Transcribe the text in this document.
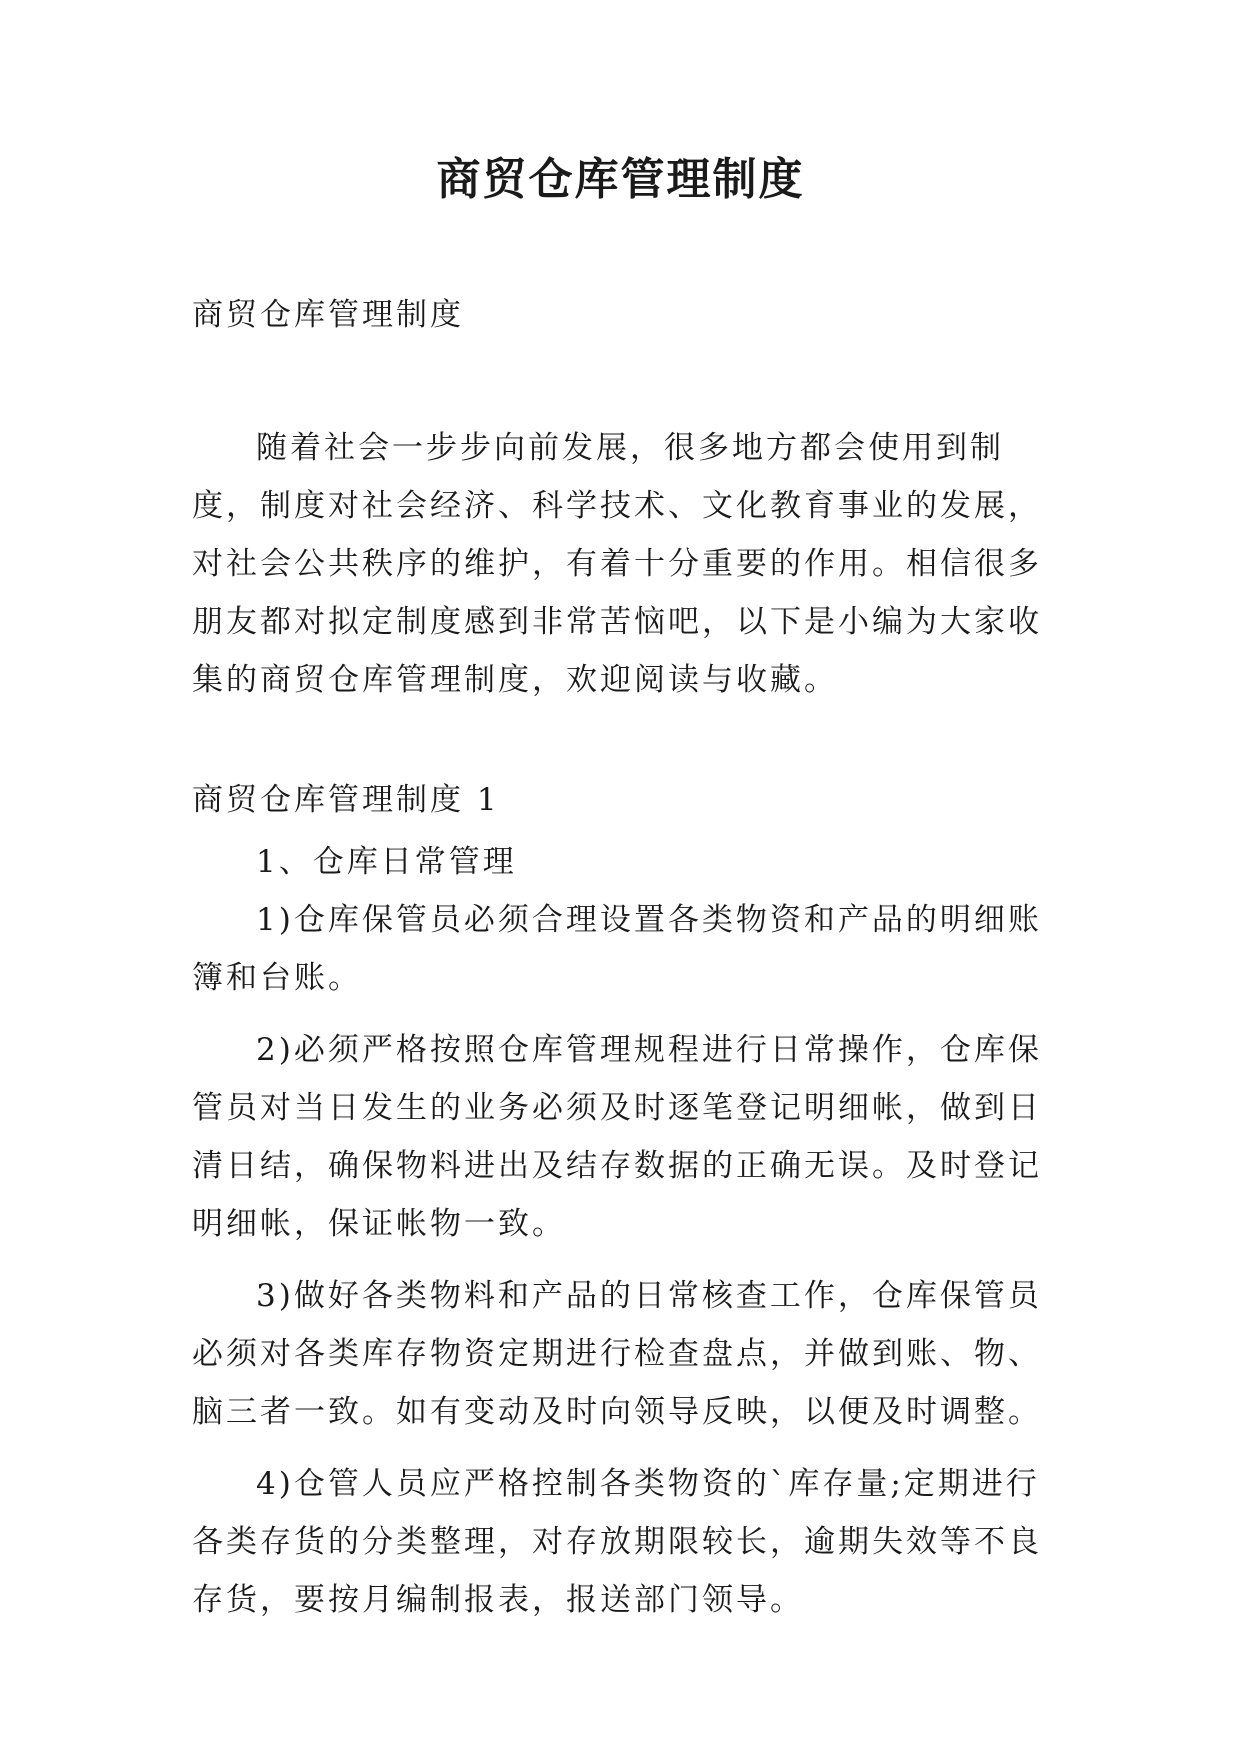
商贸仓库管理制度

商贸仓库管理制度

随着社会一步步向前发展，很多地方都会使用到制度，制度对社会经济、科学技术、文化教育事业的发展，对社会公共秩序的维护，有着十分重要的作用。相信很多朋友都对拟定制度感到非常苦恼吧，以下是小编为大家收集的商贸仓库管理制度，欢迎阅读与收藏。

商贸仓库管理制度 1

1、仓库日常管理

1)仓库保管员必须合理设置各类物资和产品的明细账簿和台账。

2)必须严格按照仓库管理规程进行日常操作，仓库保管员对当日发生的业务必须及时逐笔登记明细帐，做到日清日结，确保物料进出及结存数据的正确无误。及时登记明细帐，保证帐物一致。

3)做好各类物料和产品的日常核查工作，仓库保管员必须对各类库存物资定期进行检查盘点，并做到账、物、脑三者一致。如有变动及时向领导反映，以便及时调整。

4)仓管人员应严格控制各类物资的`库存量;定期进行各类存货的分类整理，对存放期限较长，逾期失效等不良存货，要按月编制报表，报送部门领导。
